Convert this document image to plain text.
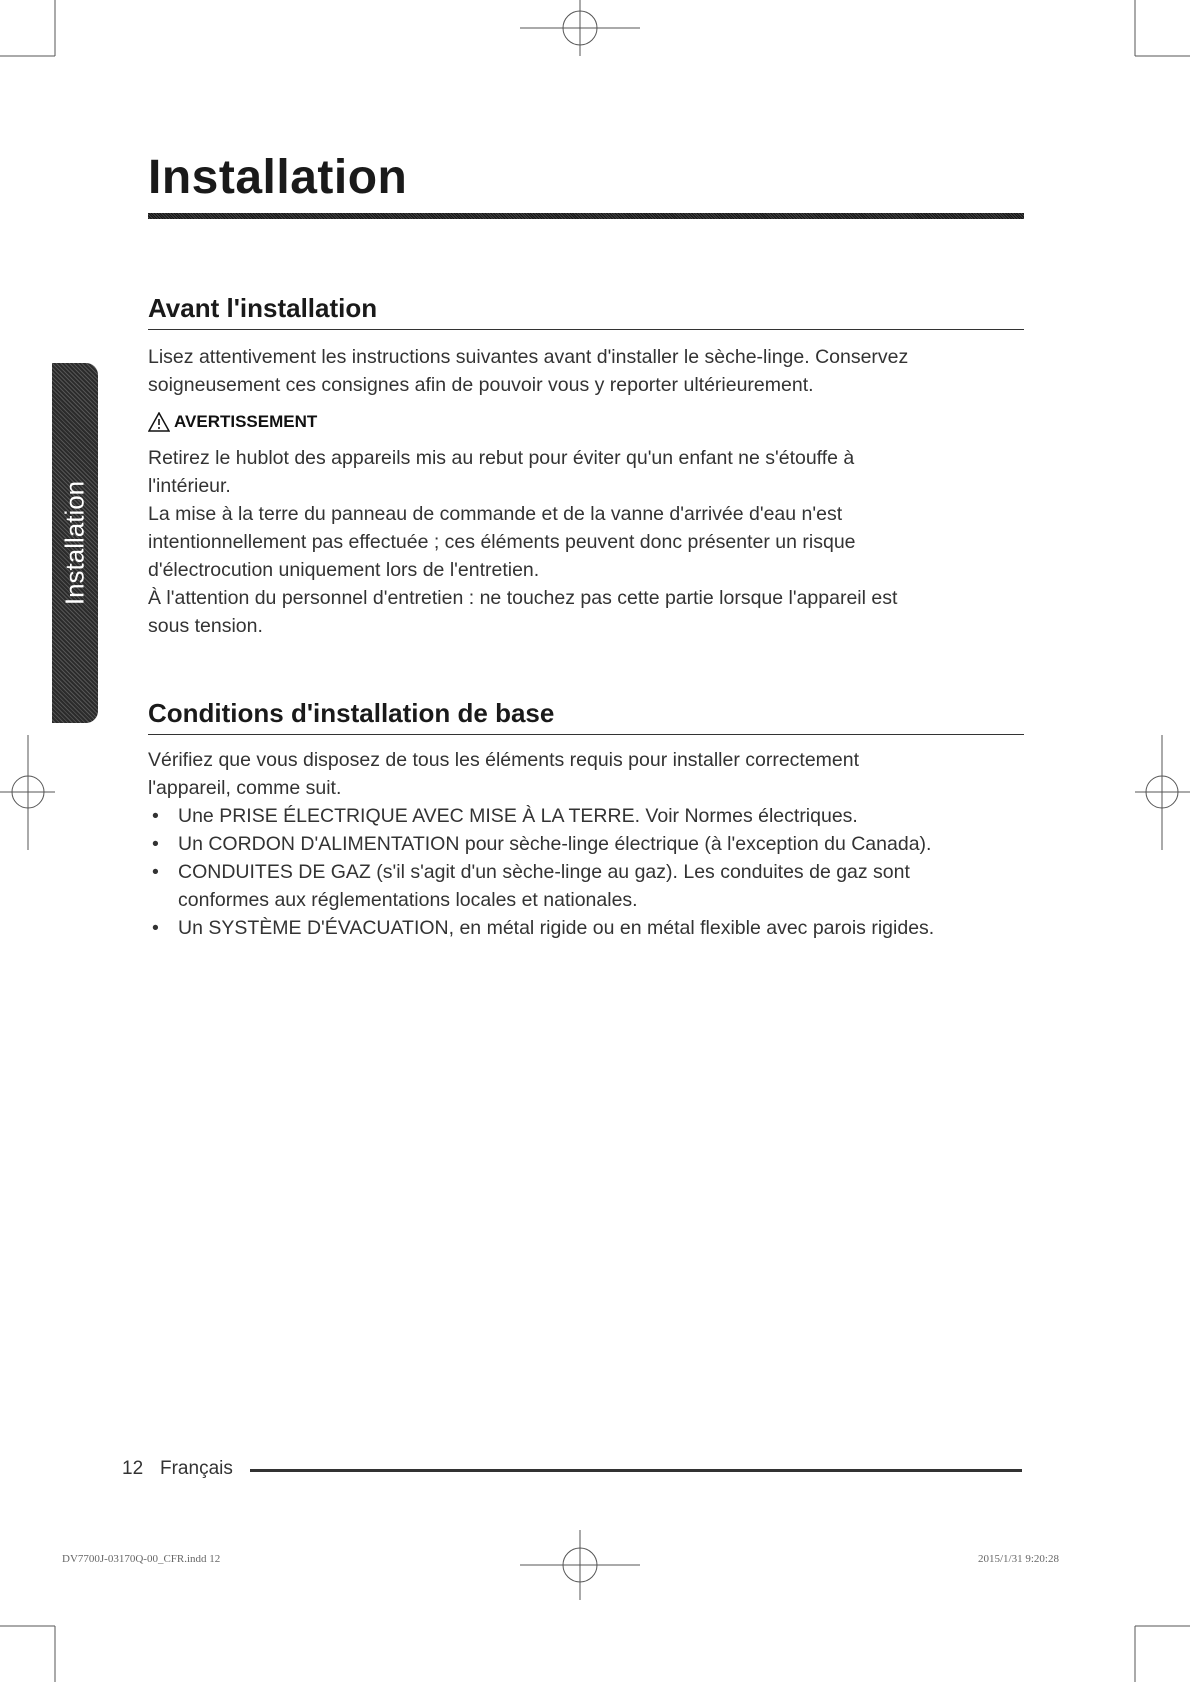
Installation
Installation
Avant l'installation

Lisez attentivement les instructions suivantes avant d'installer le sèche-linge. Conservez
soigneusement ces consignes afin de pouvoir vous y reporter ultérieurement.

AVERTISSEMENT

Retirez le hublot des appareils mis au rebut pour éviter qu'un enfant ne s'étouffe à
l'intérieur.
La mise à la terre du panneau de commande et de la vanne d'arrivée d'eau n'est
intentionnellement pas effectuée ; ces éléments peuvent donc présenter un risque
d'électrocution uniquement lors de l'entretien.
À l'attention du personnel d'entretien : ne touchez pas cette partie lorsque l'appareil est
sous tension.

Conditions d'installation de base

Vérifiez que vous disposez de tous les éléments requis pour installer correctement
l'appareil, comme suit.

• Une PRISE ÉLECTRIQUE AVEC MISE À LA TERRE. Voir Normes électriques.
• Un CORDON D'ALIMENTATION pour sèche-linge électrique (à l'exception du Canada).
• CONDUITES DE GAZ (s'il s'agit d'un sèche-linge au gaz). Les conduites de gaz sont
conformes aux réglementations locales et nationales.
• Un SYSTÈME D'ÉVACUATION, en métal rigide ou en métal flexible avec parois rigides.
12 Français
DV7700J-03170Q-00_CFR.indd 12	2015/1/31 9:20:28
